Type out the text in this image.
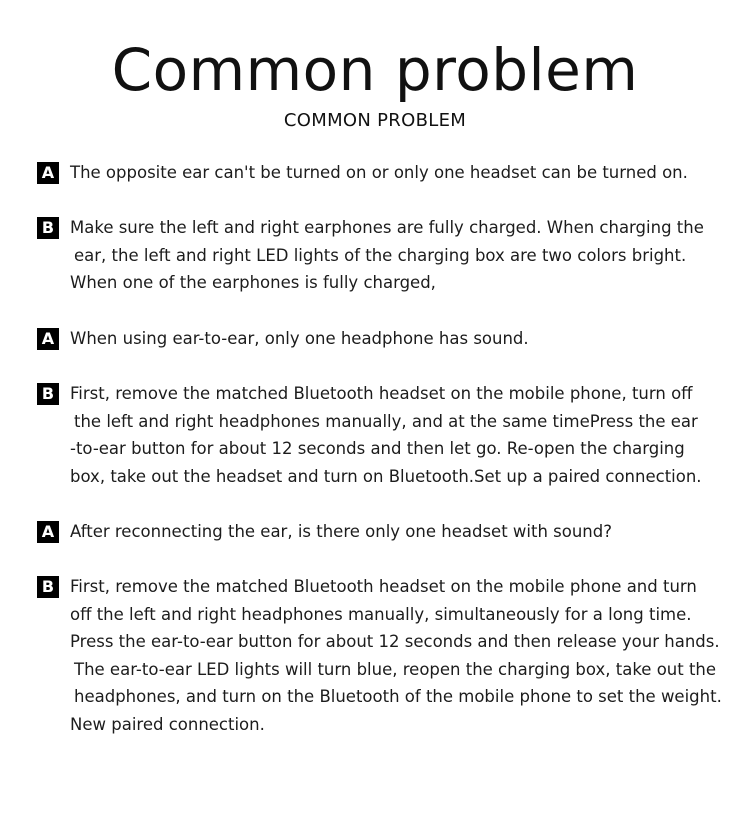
Common problem
COMMON PROBLEM
A The opposite ear can't be turned on or only one headset can be turned on.
B Make sure the left and right earphones are fully charged. When charging the
ear, the left and right LED lights of the charging box are two colors bright.
When one of the earphones is fully charged,
A When using ear-to-ear, only one headphone has sound.
B First, remove the matched Bluetooth headset on the mobile phone, turn off
the left and right headphones manually, and at the same timePress the ear
-to-ear button for about 12 seconds and then let go. Re-open the charging
box, take out the headset and turn on Bluetooth.Set up a paired connection.
A After reconnecting the ear, is there only one headset with sound?
B First, remove the matched Bluetooth headset on the mobile phone and turn
off the left and right headphones manually, simultaneously for a long time.
Press the ear-to-ear button for about 12 seconds and then release your hands.
The ear-to-ear LED lights will turn blue, reopen the charging box, take out the
headphones, and turn on the Bluetooth of the mobile phone to set the weight.
New paired connection.
